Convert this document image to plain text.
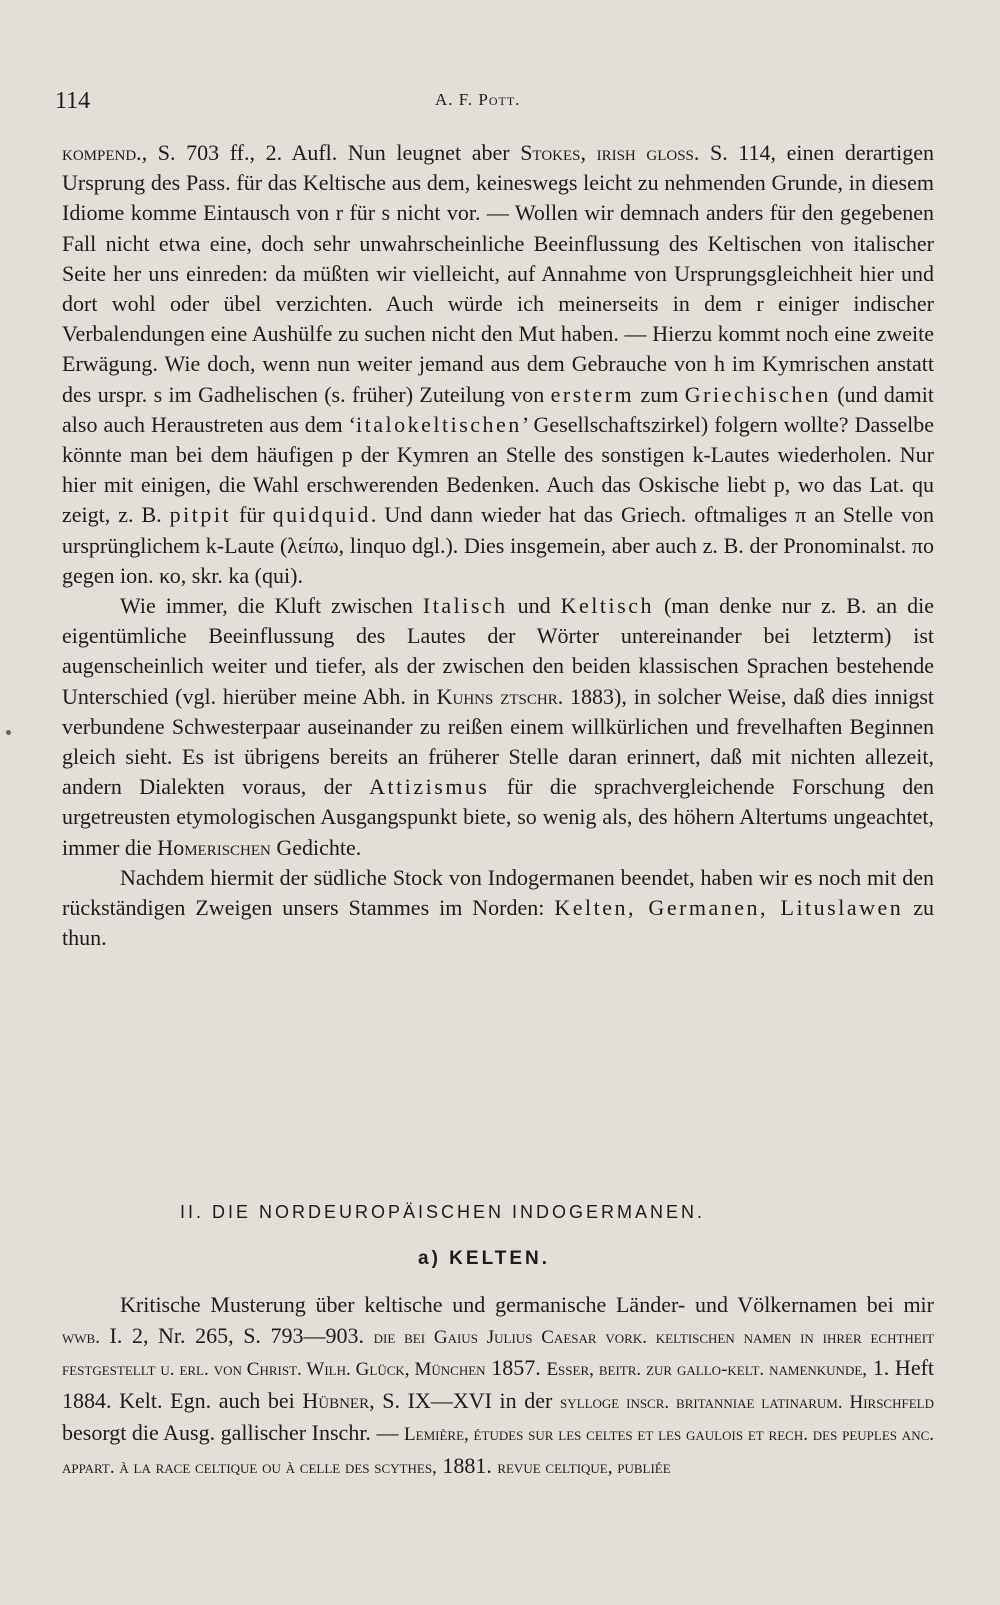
114	A. F. Pott.

kompend., S. 703 ff., 2. Aufl. Nun leugnet aber Stokes, irish gloss. S. 114, einen derartigen Ursprung des Pass. für das Keltische aus dem, keineswegs leicht zu nehmenden Grunde, in diesem Idiome komme Eintausch von r für s nicht vor. — Wollen wir demnach anders für den gegebenen Fall nicht etwa eine, doch sehr unwahrscheinliche Beeinflussung des Keltischen von italischer Seite her uns einreden: da müßten wir vielleicht, auf Annahme von Ursprungsgleichheit hier und dort wohl oder übel verzichten. Auch würde ich meinerseits in dem r einiger indischer Verbalendungen eine Aushülfe zu suchen nicht den Mut haben. — Hierzu kommt noch eine zweite Erwägung. Wie doch, wenn nun weiter jemand aus dem Gebrauche von h im Kymrischen anstatt des urspr. s im Gadhelischen (s. früher) Zuteilung von ersterm zum Griechischen (und damit also auch Heraustreten aus dem ‘italokeltischen’ Gesellschaftszirkel) folgern wollte? Dasselbe könnte man bei dem häufigen p der Kymren an Stelle des sonstigen k-Lautes wiederholen. Nur hier mit einigen, die Wahl erschwerenden Bedenken. Auch das Oskische liebt p, wo das Lat. qu zeigt, z. B. pitpit für quidquid. Und dann wieder hat das Griech. oftmaliges π an Stelle von ursprünglichem k-Laute (λείπω, linquo dgl.). Dies insgemein, aber auch z. B. der Pronominalst. πο gegen ion. κο, skr. ka (qui).

Wie immer, die Kluft zwischen Italisch und Keltisch (man denke nur z. B. an die eigentümliche Beeinflussung des Lautes der Wörter untereinander bei letzterm) ist augenscheinlich weiter und tiefer, als der zwischen den beiden klassischen Sprachen bestehende Unterschied (vgl. hierüber meine Abh. in Kuhns ztschr. 1883), in solcher Weise, daß dies innigst verbundene Schwesterpaar auseinander zu reißen einem willkürlichen und frevelhaften Beginnen gleich sieht. Es ist übrigens bereits an früherer Stelle daran erinnert, daß mit nichten allezeit, andern Dialekten voraus, der Attizismus für die sprachvergleichende Forschung den urgetreusten etymologischen Ausgangspunkt biete, so wenig als, des höhern Altertums ungeachtet, immer die Homerischen Gedichte.

Nachdem hiermit der südliche Stock von Indogermanen beendet, haben wir es noch mit den rückständigen Zweigen unsers Stammes im Norden: Kelten, Germanen, Lituslawen zu thun.

II. DIE NORDEUROPÄISCHEN INDOGERMANEN.
a) KELTEN.

Kritische Musterung über keltische und germanische Länder- und Völkernamen bei mir wwb. I. 2, Nr. 265, S. 793—903. die bei Gaius Julius Caesar vork. keltischen namen in ihrer echtheit festgestellt u. erl. von Christ. Wilh. Glück, München 1857. Esser, beitr. zur gallo-kelt. namenkunde, 1. Heft 1884. Kelt. Egn. auch bei Hübner, S. IX—XVI in der sylloge inscr. britanniae latinarum. Hirschfeld besorgt die Ausg. gallischer Inschr. — Lemière, études sur les celtes et les gaulois et rech. des peuples anc. appart. à la race celtique ou à celle des scythes, 1881. revue celtique, publiée
